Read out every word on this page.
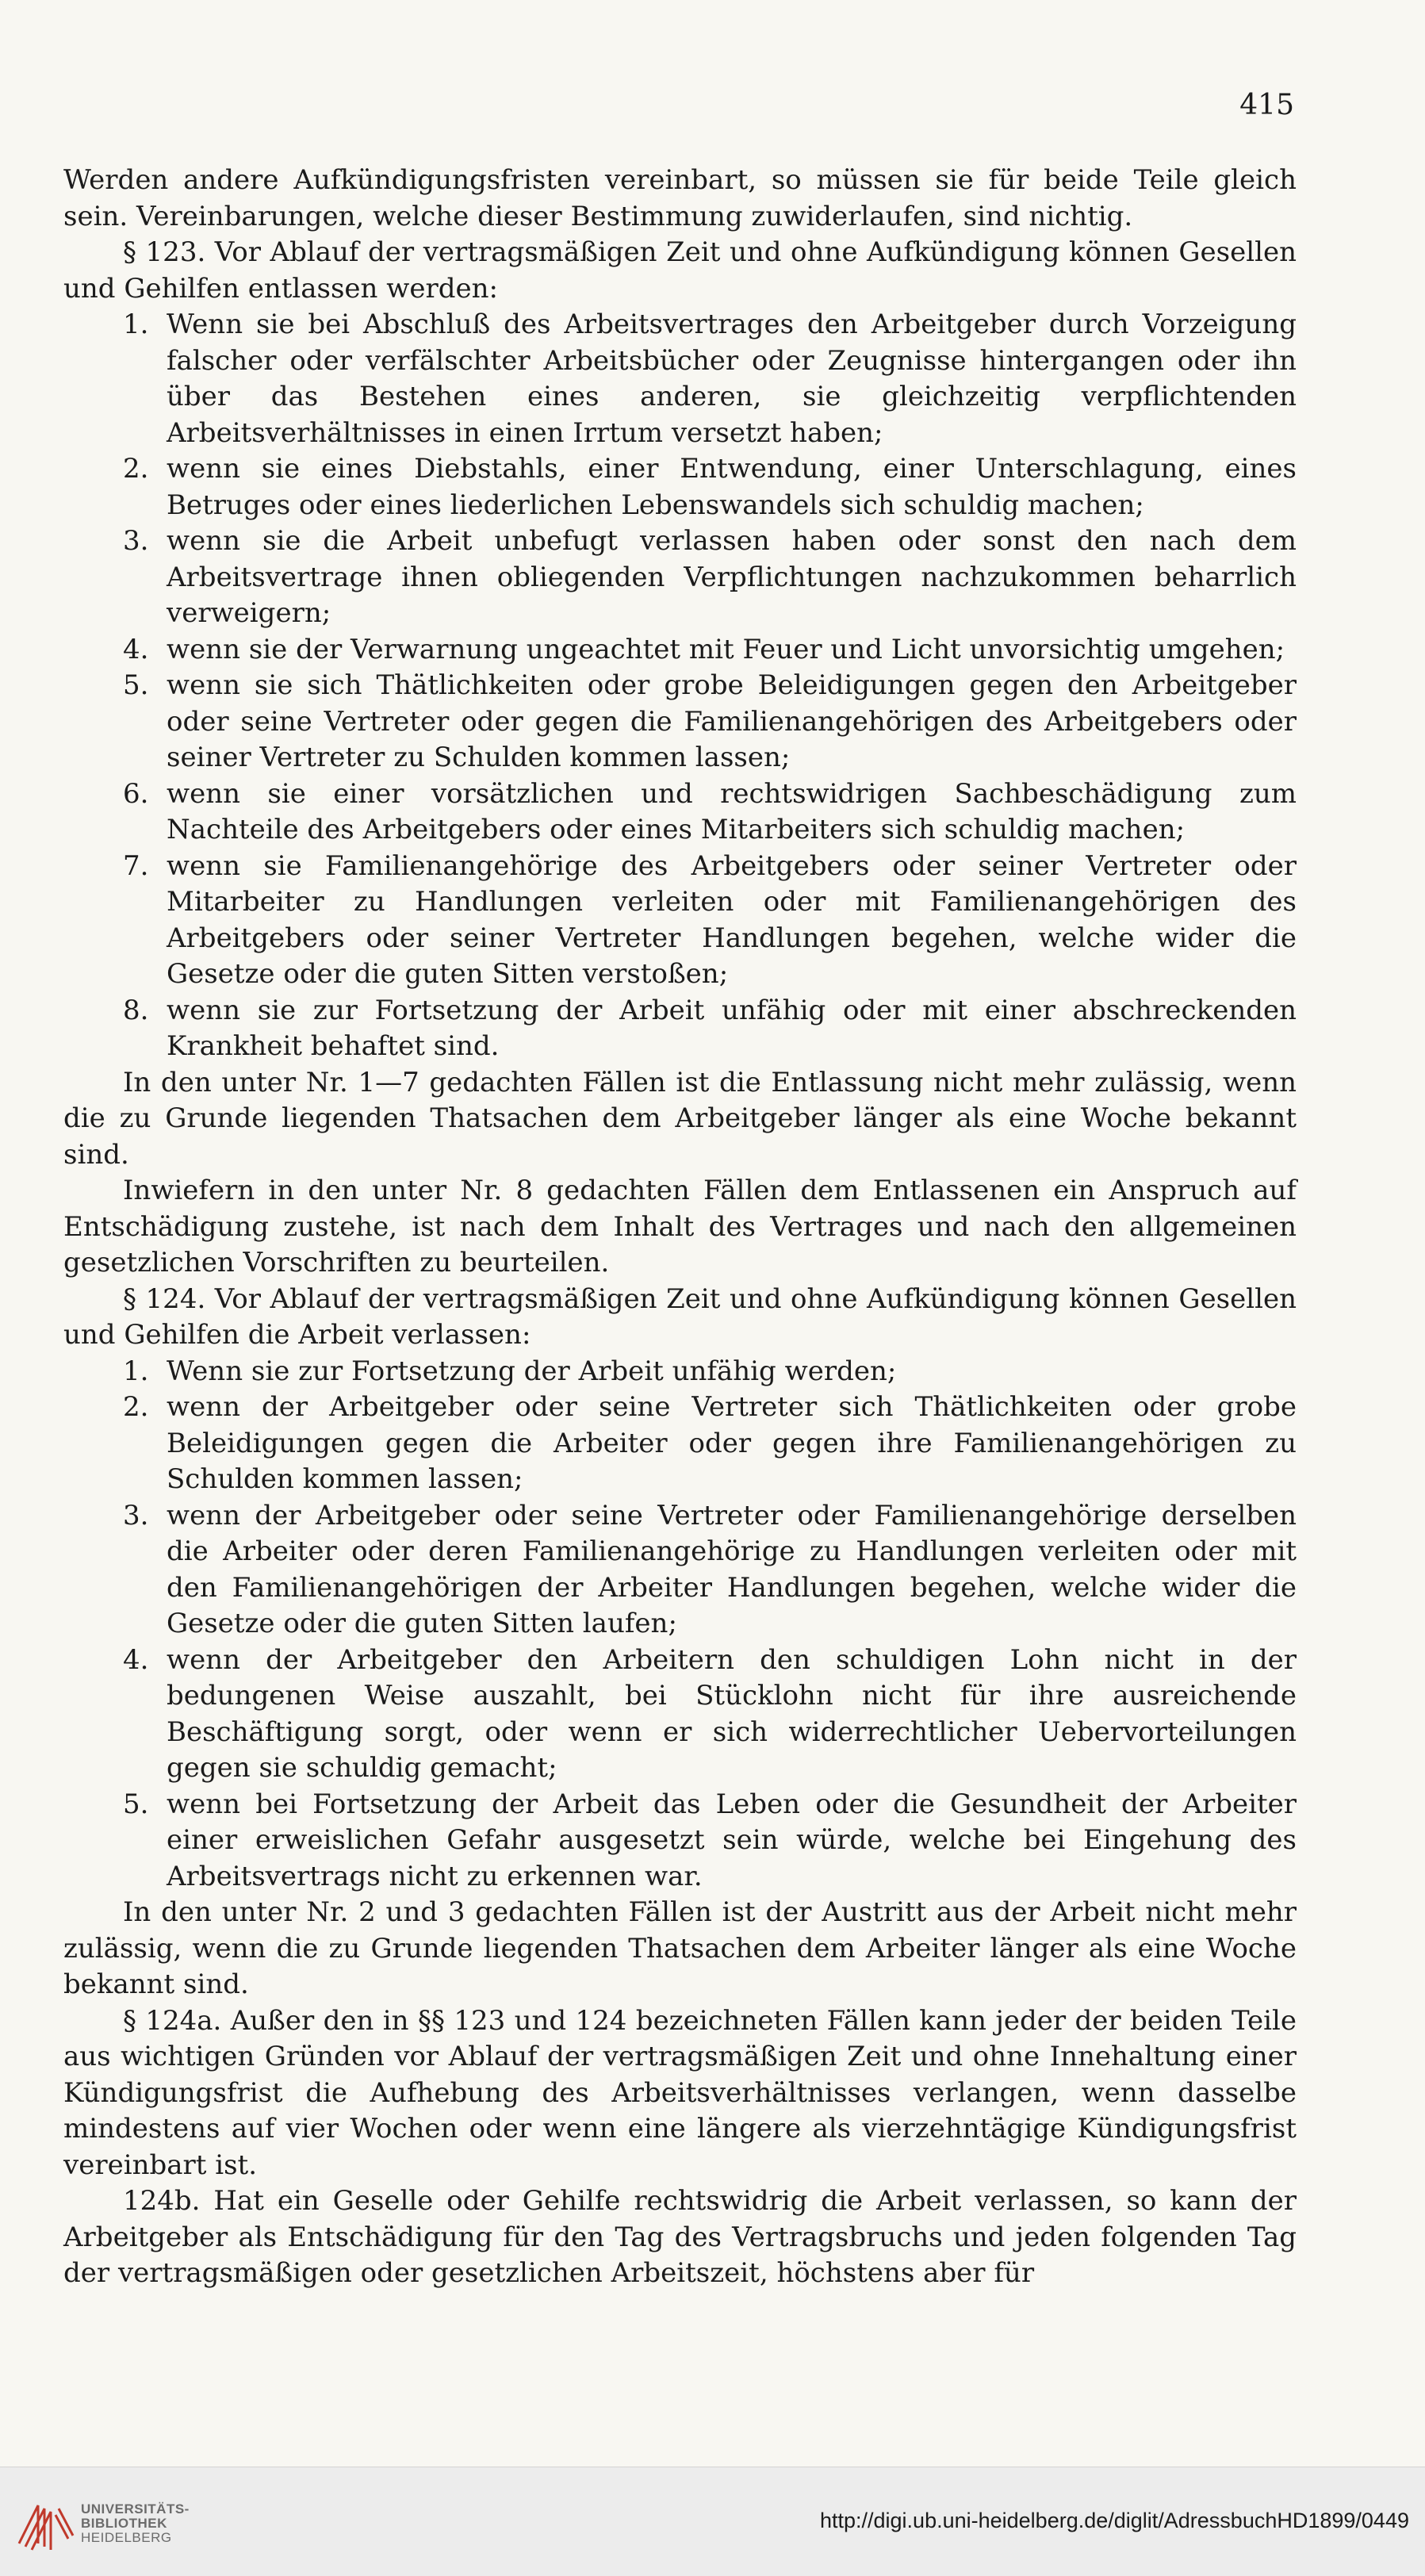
415

Werden andere Aufkündigungsfristen vereinbart, so müssen sie für beide Teile gleich sein. Vereinbarungen, welche dieser Bestimmung zuwiderlaufen, sind nichtig.

§ 123. Vor Ablauf der vertragsmäßigen Zeit und ohne Aufkündigung können Gesellen und Gehilfen entlassen werden:

1. Wenn sie bei Abschluß des Arbeitsvertrages den Arbeitgeber durch Vorzeigung falscher oder verfälschter Arbeitsbücher oder Zeugnisse hintergangen oder ihn über das Bestehen eines anderen, sie gleichzeitig verpflichtenden Arbeitsverhältnisses in einen Irrtum versetzt haben;
2. wenn sie eines Diebstahls, einer Entwendung, einer Unterschlagung, eines Betruges oder eines liederlichen Lebenswandels sich schuldig machen;
3. wenn sie die Arbeit unbefugt verlassen haben oder sonst den nach dem Arbeitsvertrage ihnen obliegenden Verpflichtungen nachzukommen beharrlich verweigern;
4. wenn sie der Verwarnung ungeachtet mit Feuer und Licht unvorsichtig umgehen;
5. wenn sie sich Thätlichkeiten oder grobe Beleidigungen gegen den Arbeitgeber oder seine Vertreter oder gegen die Familienangehörigen des Arbeitgebers oder seiner Vertreter zu Schulden kommen lassen;
6. wenn sie einer vorsätzlichen und rechtswidrigen Sachbeschädigung zum Nachteile des Arbeitgebers oder eines Mitarbeiters sich schuldig machen;
7. wenn sie Familienangehörige des Arbeitgebers oder seiner Vertreter oder Mitarbeiter zu Handlungen verleiten oder mit Familienangehörigen des Arbeitgebers oder seiner Vertreter Handlungen begehen, welche wider die Gesetze oder die guten Sitten verstoßen;
8. wenn sie zur Fortsetzung der Arbeit unfähig oder mit einer abschreckenden Krankheit behaftet sind.

In den unter Nr. 1—7 gedachten Fällen ist die Entlassung nicht mehr zulässig, wenn die zu Grunde liegenden Thatsachen dem Arbeitgeber länger als eine Woche bekannt sind.

Inwiefern in den unter Nr. 8 gedachten Fällen dem Entlassenen ein Anspruch auf Entschädigung zustehe, ist nach dem Inhalt des Vertrages und nach den allgemeinen gesetzlichen Vorschriften zu beurteilen.

§ 124. Vor Ablauf der vertragsmäßigen Zeit und ohne Aufkündigung können Gesellen und Gehilfen die Arbeit verlassen:

1. Wenn sie zur Fortsetzung der Arbeit unfähig werden;
2. wenn der Arbeitgeber oder seine Vertreter sich Thätlichkeiten oder grobe Beleidigungen gegen die Arbeiter oder gegen ihre Familienangehörigen zu Schulden kommen lassen;
3. wenn der Arbeitgeber oder seine Vertreter oder Familienangehörige derselben die Arbeiter oder deren Familienangehörige zu Handlungen verleiten oder mit den Familienangehörigen der Arbeiter Handlungen begehen, welche wider die Gesetze oder die guten Sitten laufen;
4. wenn der Arbeitgeber den Arbeitern den schuldigen Lohn nicht in der bedungenen Weise auszahlt, bei Stücklohn nicht für ihre ausreichende Beschäftigung sorgt, oder wenn er sich widerrechtlicher Uebervorteilungen gegen sie schuldig gemacht;
5. wenn bei Fortsetzung der Arbeit das Leben oder die Gesundheit der Arbeiter einer erweislichen Gefahr ausgesetzt sein würde, welche bei Eingehung des Arbeitsvertrags nicht zu erkennen war.

In den unter Nr. 2 und 3 gedachten Fällen ist der Austritt aus der Arbeit nicht mehr zulässig, wenn die zu Grunde liegenden Thatsachen dem Arbeiter länger als eine Woche bekannt sind.

§ 124a. Außer den in §§ 123 und 124 bezeichneten Fällen kann jeder der beiden Teile aus wichtigen Gründen vor Ablauf der vertragsmäßigen Zeit und ohne Innehaltung einer Kündigungsfrist die Aufhebung des Arbeitsverhältnisses verlangen, wenn dasselbe mindestens auf vier Wochen oder wenn eine längere als vierzehntägige Kündigungsfrist vereinbart ist.

124b. Hat ein Geselle oder Gehilfe rechtswidrig die Arbeit verlassen, so kann der Arbeitgeber als Entschädigung für den Tag des Vertragsbruchs und jeden folgenden Tag der vertragsmäßigen oder gesetzlichen Arbeitszeit, höchstens aber für

UNIVERSITÄTS-
BIBLIOTHEK
HEIDELBERG
http://digi.ub.uni-heidelberg.de/diglit/AdressbuchHD1899/0449
